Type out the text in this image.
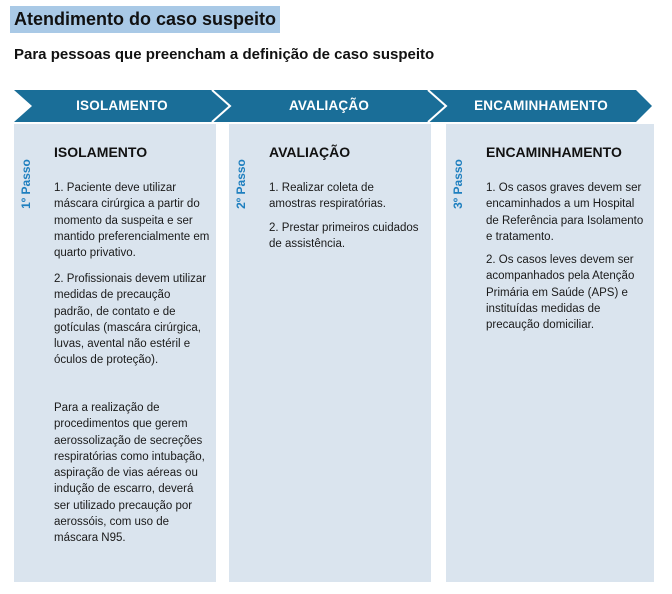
Atendimento do caso suspeito
Para pessoas que preencham a definição de caso suspeito
ISOLAMENTO	AVALIAÇÃO	ENCAMINHAMENTO
1º Passo
ISOLAMENTO
1. Paciente deve utilizar máscara cirúrgica a partir do momento da suspeita e ser mantido preferencialmente em quarto privativo.
2. Profissionais devem utilizar medidas de precaução padrão, de contato e de gotículas (mascára cirúrgica, luvas, avental não estéril e óculos de proteção).
Para a realização de procedimentos que gerem aerossolização de secreções respiratórias como intubação, aspiração de vias aéreas ou indução de escarro, deverá ser utilizado precaução por aerossóis, com uso de máscara N95.
2º Passo
AVALIAÇÃO
1. Realizar coleta de amostras respiratórias.
2. Prestar primeiros cuidados de assistência.
3º Passo
ENCAMINHAMENTO
1. Os casos graves devem ser encaminhados a um Hospital de Referência para Isolamento e tratamento.
2. Os casos leves devem ser acompanhados pela Atenção Primária em Saúde (APS) e instituídas medidas de precaução domiciliar.
